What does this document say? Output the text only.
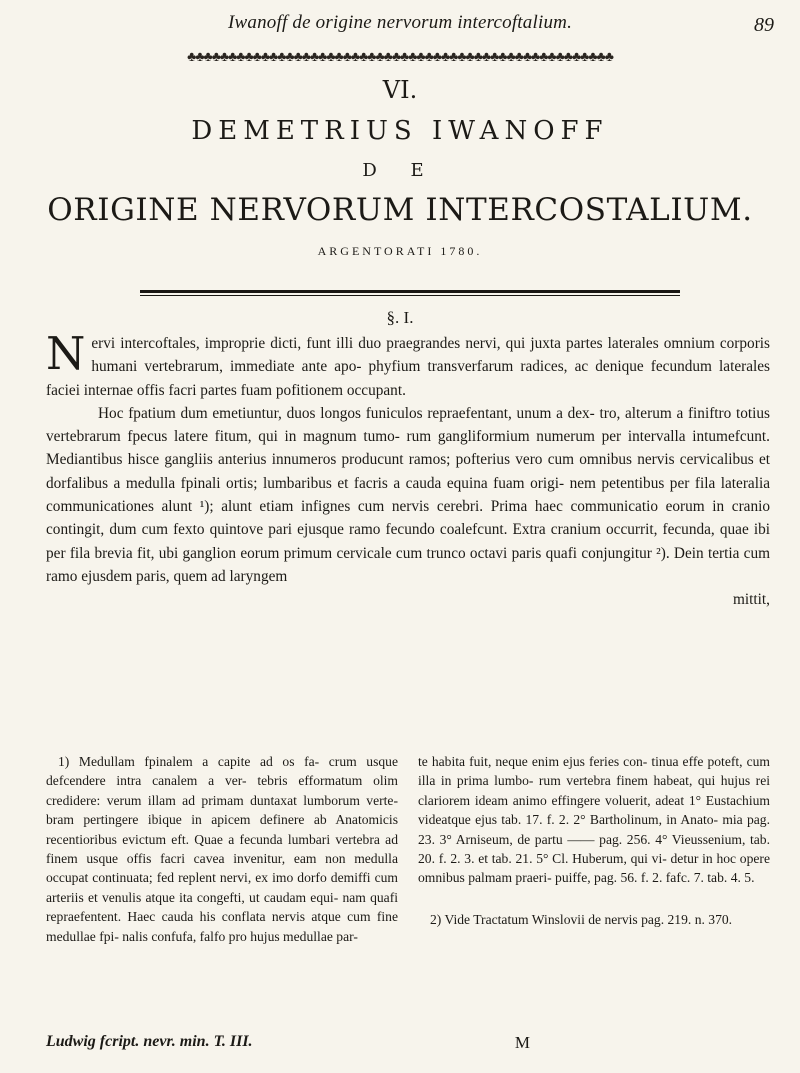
Iwanoff de origine nervorum intercoftalium.	89
♣♣♣♣♣♣♣♣♣♣♣♣♣♣♣♣♣♣♣♣♣♣♣♣♣♣♣♣♣♣♣♣♣♣♣♣♣♣♣♣♣♣♣♣♣♣♣♣♣♣♣♣
VI.
DEMETRIUS IWANOFF
D E
ORIGINE NERVORUM INTERCOSTALIUM.
ARGENTORATI 1780.
§. I.

Nervi intercoftales, improprie dicti, funt illi duo praegrandes nervi, qui juxta partes laterales omnium corporis humani vertebrarum, immediate ante apo- phyfium transverfarum radices, ac denique fecundum laterales faciei internae offis facri partes fuam pofitionem occupant.

Hoc fpatium dum emetiuntur, duos longos funiculos repraefentant, unum a dex- tro, alterum a finiftro totius vertebrarum fpecus latere fitum, qui in magnum tumo- rum gangliformium numerum per intervalla intumefcunt. Mediantibus hisce gangliis anterius innumeros producunt ramos; pofterius vero cum omnibus nervis cervicalibus et dorfalibus a medulla fpinali ortis; lumbaribus et facris a cauda equina fuam origi- nem petentibus per fila lateralia communicationes alunt ¹); alunt etiam infignes cum nervis cerebri. Prima haec communicatio eorum in cranio contingit, dum cum fexto quintove pari ejusque ramo fecundo coalefcunt. Extra cranium occurrit, fecunda, quae ibi per fila brevia fit, ubi ganglion eorum primum cervicale cum trunco octavi paris quafi conjungitur ²). Dein tertia cum ramo ejusdem paris, quem ad laryngem

mittit,

1) Medullam fpinalem a capite ad os fa- crum usque defcendere intra canalem a ver- tebris efformatum olim credidere: verum illam ad primam duntaxat lumborum verte- bram pertingere ibique in apicem definere ab Anatomicis recentioribus evictum eft. Quae a fecunda lumbari vertebra ad finem usque offis facri cavea invenitur, eam non medulla occupat continuata; fed replent nervi, ex imo dorfo demiffi cum arteriis et venulis atque ita congefti, ut caudam equi- nam quafi repraefentent. Haec cauda his conflata nervis atque cum fine medullae fpi- nalis confufa, falfo pro hujus medullae par-

te habita fuit, neque enim ejus feries con- tinua effe poteft, cum illa in prima lumbo- rum vertebra finem habeat, qui hujus rei clariorem ideam animo effingere voluerit, adeat 1° Eustachium videatque ejus tab. 17. f. 2. 2° Bartholinum, in Anato- mia pag. 23. 3° Arniseum, de partu —— pag. 256. 4° Vieussenium, tab. 20. f. 2. 3. et tab. 21. 5° Cl. Huberum, qui vi- detur in hoc opere omnibus palmam praeri- puiffe, pag. 56. f. 2. fafc. 7. tab. 4. 5.

2) Vide Tractatum Winslovii de nervis pag. 219. n. 370.

Ludwig fcript. nevr. min. T. III.	M
